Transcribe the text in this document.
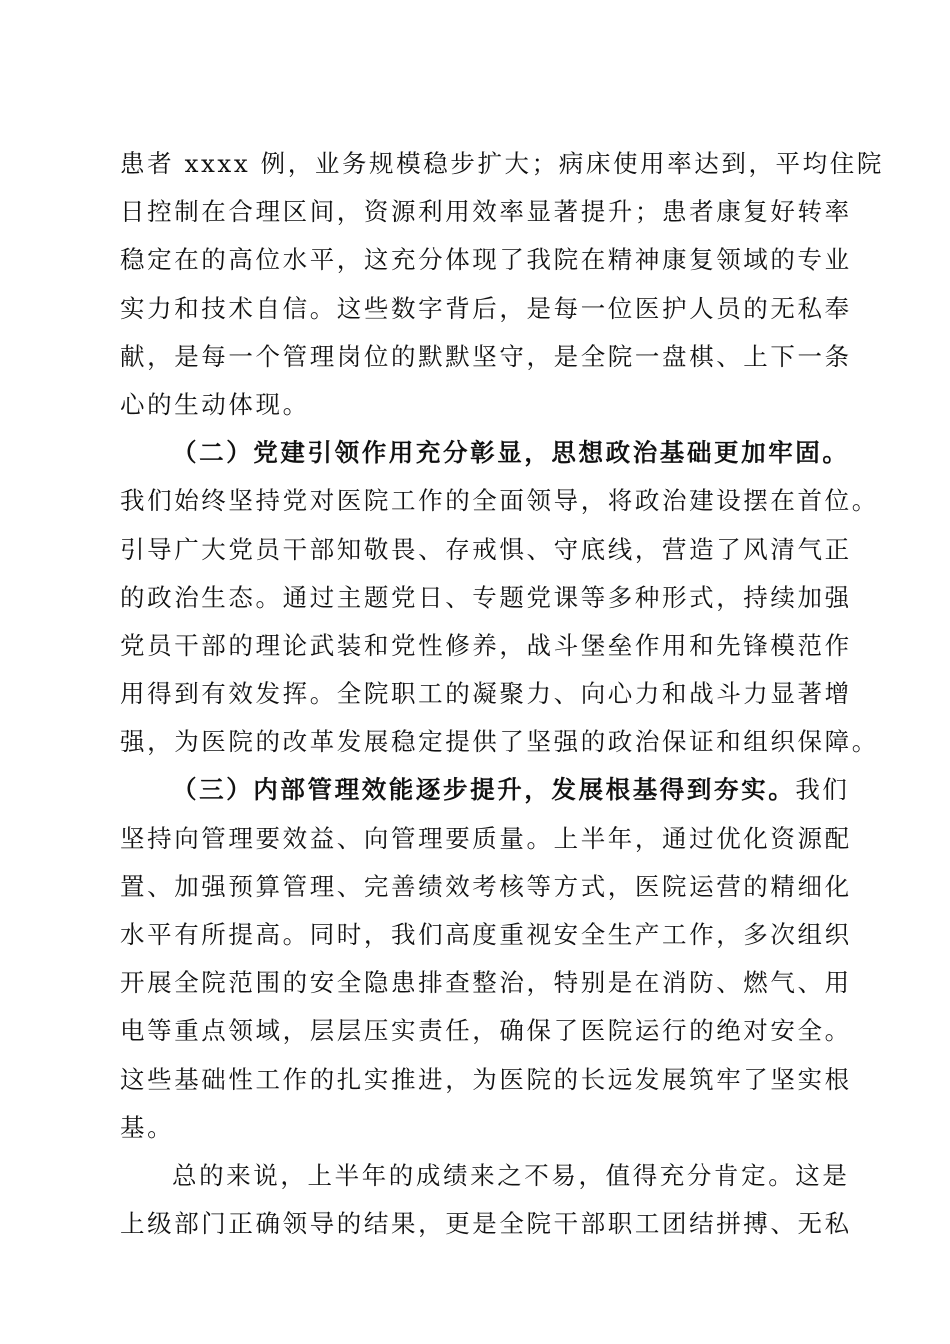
患者 xxxx 例，业务规模稳步扩大；病床使用率达到，平均住院
日控制在合理区间，资源利用效率显著提升；患者康复好转率
稳定在的高位水平，这充分体现了我院在精神康复领域的专业
实力和技术自信。这些数字背后，是每一位医护人员的无私奉
献，是每一个管理岗位的默默坚守，是全院一盘棋、上下一条
心的生动体现。
（二）党建引领作用充分彰显，思想政治基础更加牢固。
我们始终坚持党对医院工作的全面领导，将政治建设摆在首位。
引导广大党员干部知敬畏、存戒惧、守底线，营造了风清气正
的政治生态。通过主题党日、专题党课等多种形式，持续加强
党员干部的理论武装和党性修养，战斗堡垒作用和先锋模范作
用得到有效发挥。全院职工的凝聚力、向心力和战斗力显著增
强，为医院的改革发展稳定提供了坚强的政治保证和组织保障。
（三）内部管理效能逐步提升，发展根基得到夯实。我们
坚持向管理要效益、向管理要质量。上半年，通过优化资源配
置、加强预算管理、完善绩效考核等方式，医院运营的精细化
水平有所提高。同时，我们高度重视安全生产工作，多次组织
开展全院范围的安全隐患排查整治，特别是在消防、燃气、用
电等重点领域，层层压实责任，确保了医院运行的绝对安全。
这些基础性工作的扎实推进，为医院的长远发展筑牢了坚实根
基。
总的来说，上半年的成绩来之不易，值得充分肯定。这是
上级部门正确领导的结果，更是全院干部职工团结拼搏、无私
